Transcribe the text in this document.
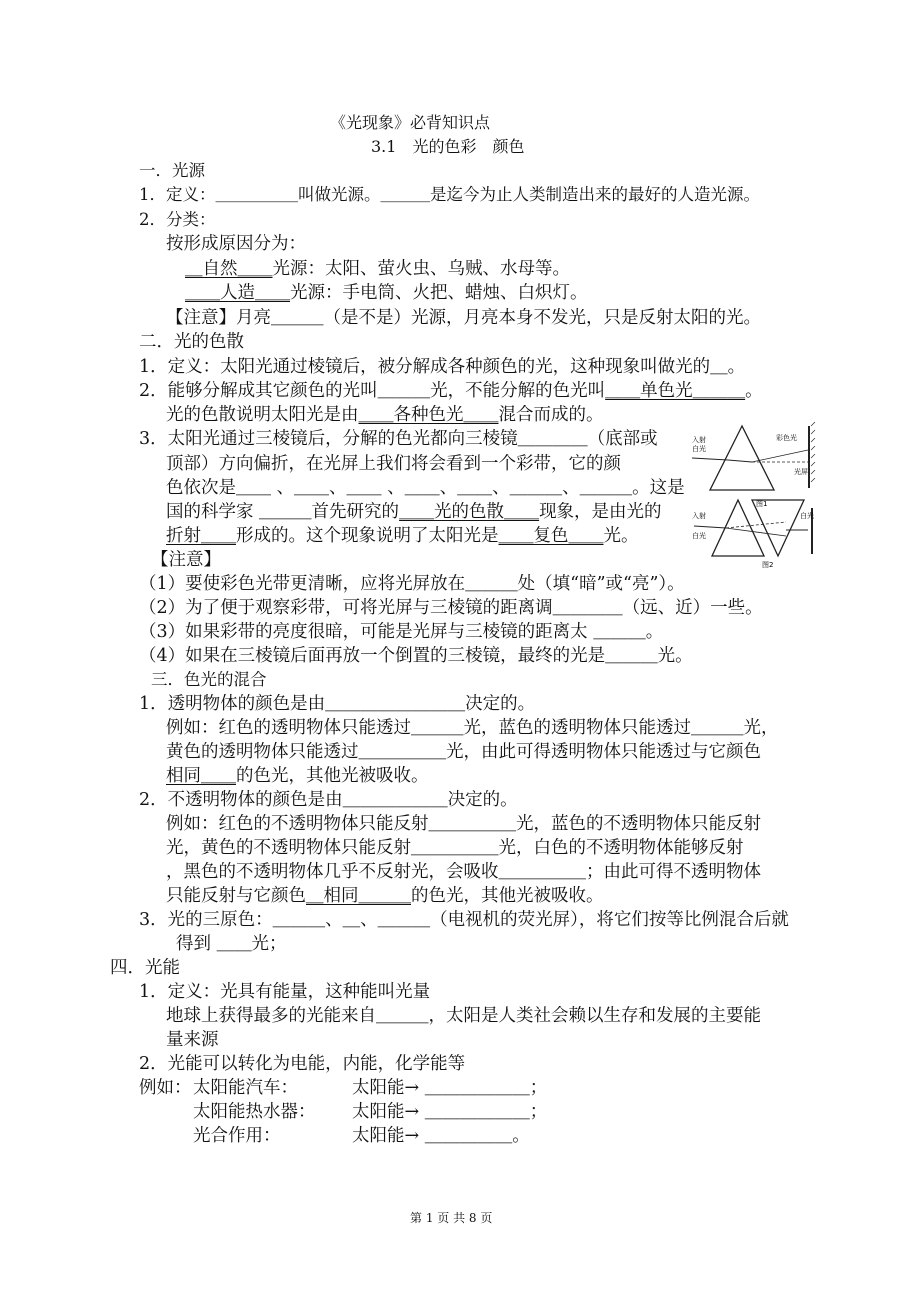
《光现象》必背知识点
3.1　光的色彩　颜色
一．光源
1．定义：＿＿＿＿＿叫做光源。＿＿＿是迄今为止人类制造出来的最好的人造光源。
2．分类：
按形成原因分为：
＿自然＿＿光源：太阳、萤火虫、乌贼、水母等。
＿＿人造＿＿光源：手电筒、火把、蜡烛、白炽灯。
【注意】月亮＿＿＿（是不是）光源，月亮本身不发光，只是反射太阳的光。
二．光的色散
1．定义：太阳光通过棱镜后，被分解成各种颜色的光，这种现象叫做光的＿。
2．能够分解成其它颜色的光叫＿＿＿光，不能分解的色光叫＿＿单色光＿＿＿。
光的色散说明太阳光是由＿＿各种色光＿＿混合而成的。
3．太阳光通过三棱镜后，分解的色光都向三棱镜＿＿＿＿（底部或
顶部）方向偏折，在光屏上我们将会看到一个彩带，它的颜
色依次是＿＿ 、＿＿、＿＿ 、＿＿、＿＿、＿＿＿、＿＿＿。这是
国的科学家 ＿＿＿首先研究的＿＿光的色散＿＿现象，是由光的
折射＿＿形成的。这个现象说明了太阳光是＿＿复色＿＿光。
【注意】
（1）要使彩色光带更清晰，应将光屏放在＿＿＿处（填“暗”或“亮”）。
（2）为了便于观察彩带，可将光屏与三棱镜的距离调＿＿＿＿（远、近）一些。
（3）如果彩带的亮度很暗，可能是光屏与三棱镜的距离太 ＿＿＿。
（4）如果在三棱镜后面再放一个倒置的三棱镜，最终的光是＿＿＿光。
入射
白光
彩色光
光屏
图1
入射
白光
白光
图2
三．色光的混合
1．透明物体的颜色是由＿＿＿＿＿＿＿＿决定的。
例如：红色的透明物体只能透过＿＿＿光，蓝色的透明物体只能透过＿＿＿光，
黄色的透明物体只能透过＿＿＿＿＿光，由此可得透明物体只能透过与它颜色
相同＿＿的色光，其他光被吸收。
2．不透明物体的颜色是由＿＿＿＿＿＿决定的。
例如：红色的不透明物体只能反射＿＿＿＿＿光，蓝色的不透明物体只能反射
光，黄色的不透明物体只能反射＿＿＿＿＿光，白色的不透明物体能够反射
，黑色的不透明物体几乎不反射光，会吸收＿＿＿＿＿；由此可得不透明物体
只能反射与它颜色＿相同＿＿＿的色光，其他光被吸收。
3．光的三原色：＿＿＿、＿、＿＿＿（电视机的荧光屏），将它们按等比例混合后就
得到 ＿＿光；
四．光能
1．定义：光具有能量，这种能叫光量
地球上获得最多的光能来自＿＿＿，太阳是人类社会赖以生存和发展的主要能
量来源
2．光能可以转化为电能，内能，化学能等
例如： 太阳能汽车：	太阳能→ ＿＿＿＿＿＿；
太阳能热水器： 太阳能→ ＿＿＿＿＿＿；
光合作用：	太阳能→ ＿＿＿＿＿。
第 1 页 共 8 页
